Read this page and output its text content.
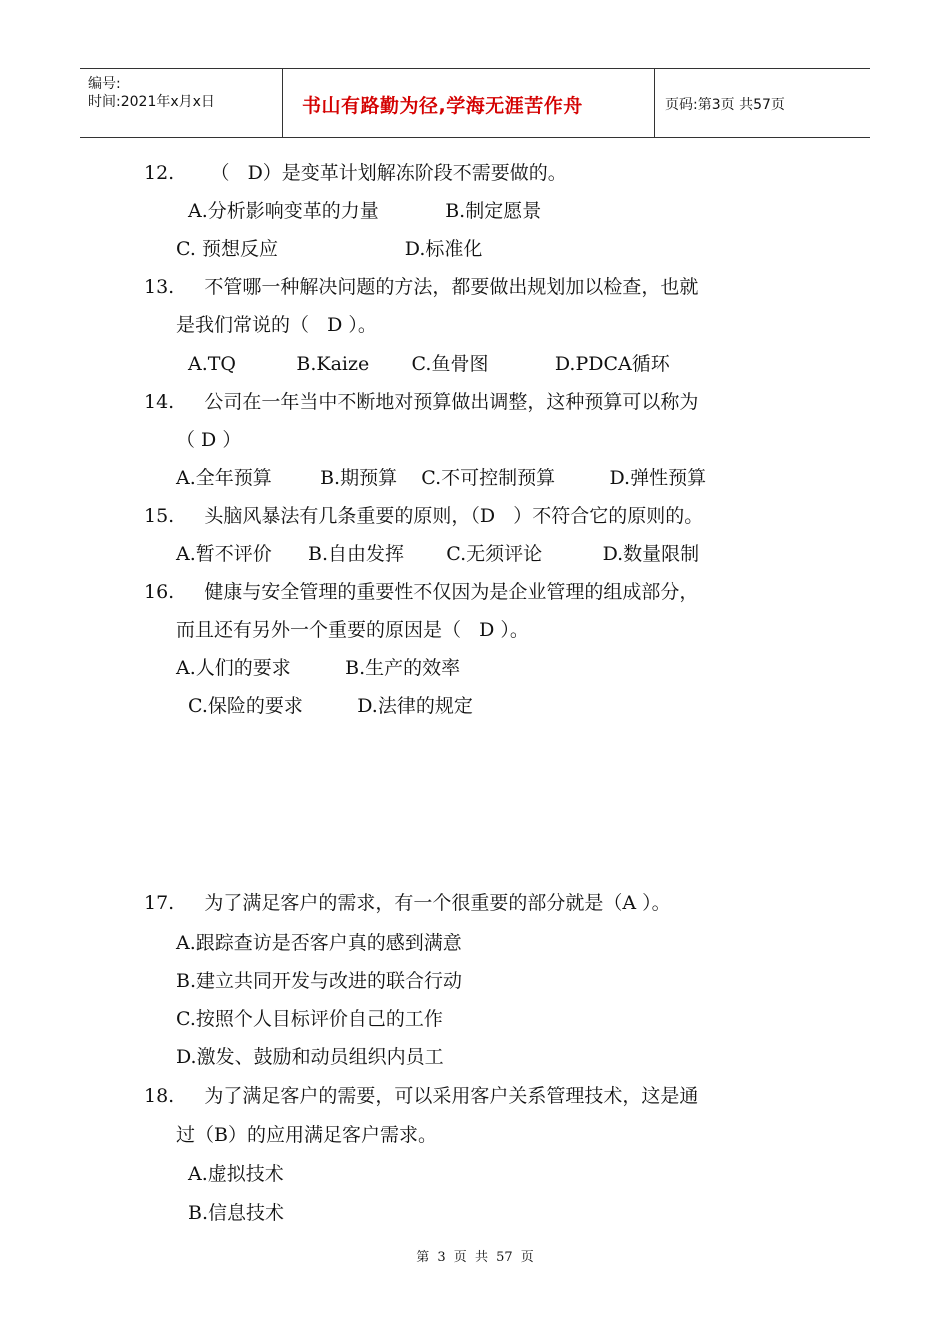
编号:
时间:2021年x月x日	书山有路勤为径,学海无涯苦作舟	页码:第3页 共57页
12.      （   D）是变革计划解冻阶段不需要做的。
A.分析影响变革的力量           B.制定愿景
C. 预想反应                     D.标准化
13.     不管哪一种解决问题的方法，都要做出规划加以检查，也就
是我们常说的（   D ）。
A.TQ          B.Kaize       C.鱼骨图           D.PDCA循环
14.     公司在一年当中不断地对预算做出调整，这种预算可以称为
（ D ）
A.全年预算        B.期预算    C.不可控制预算         D.弹性预算
15.     头脑风暴法有几条重要的原则，（D   ）不符合它的原则的。
A.暂不评价      B.自由发挥       C.无须评论          D.数量限制
16.     健康与安全管理的重要性不仅因为是企业管理的组成部分，
而且还有另外一个重要的原因是（   D ）。
A.人们的要求         B.生产的效率
C.保险的要求         D.法律的规定
17.     为了满足客户的需求，有一个很重要的部分就是（A ）。
A.跟踪查访是否客户真的感到满意
B.建立共同开发与改进的联合行动
C.按照个人目标评价自己的工作
D.激发、鼓励和动员组织内员工
18.     为了满足客户的需要，可以采用客户关系管理技术，这是通
过（B）的应用满足客户需求。
A.虚拟技术
B.信息技术
第 3 页 共 57 页
